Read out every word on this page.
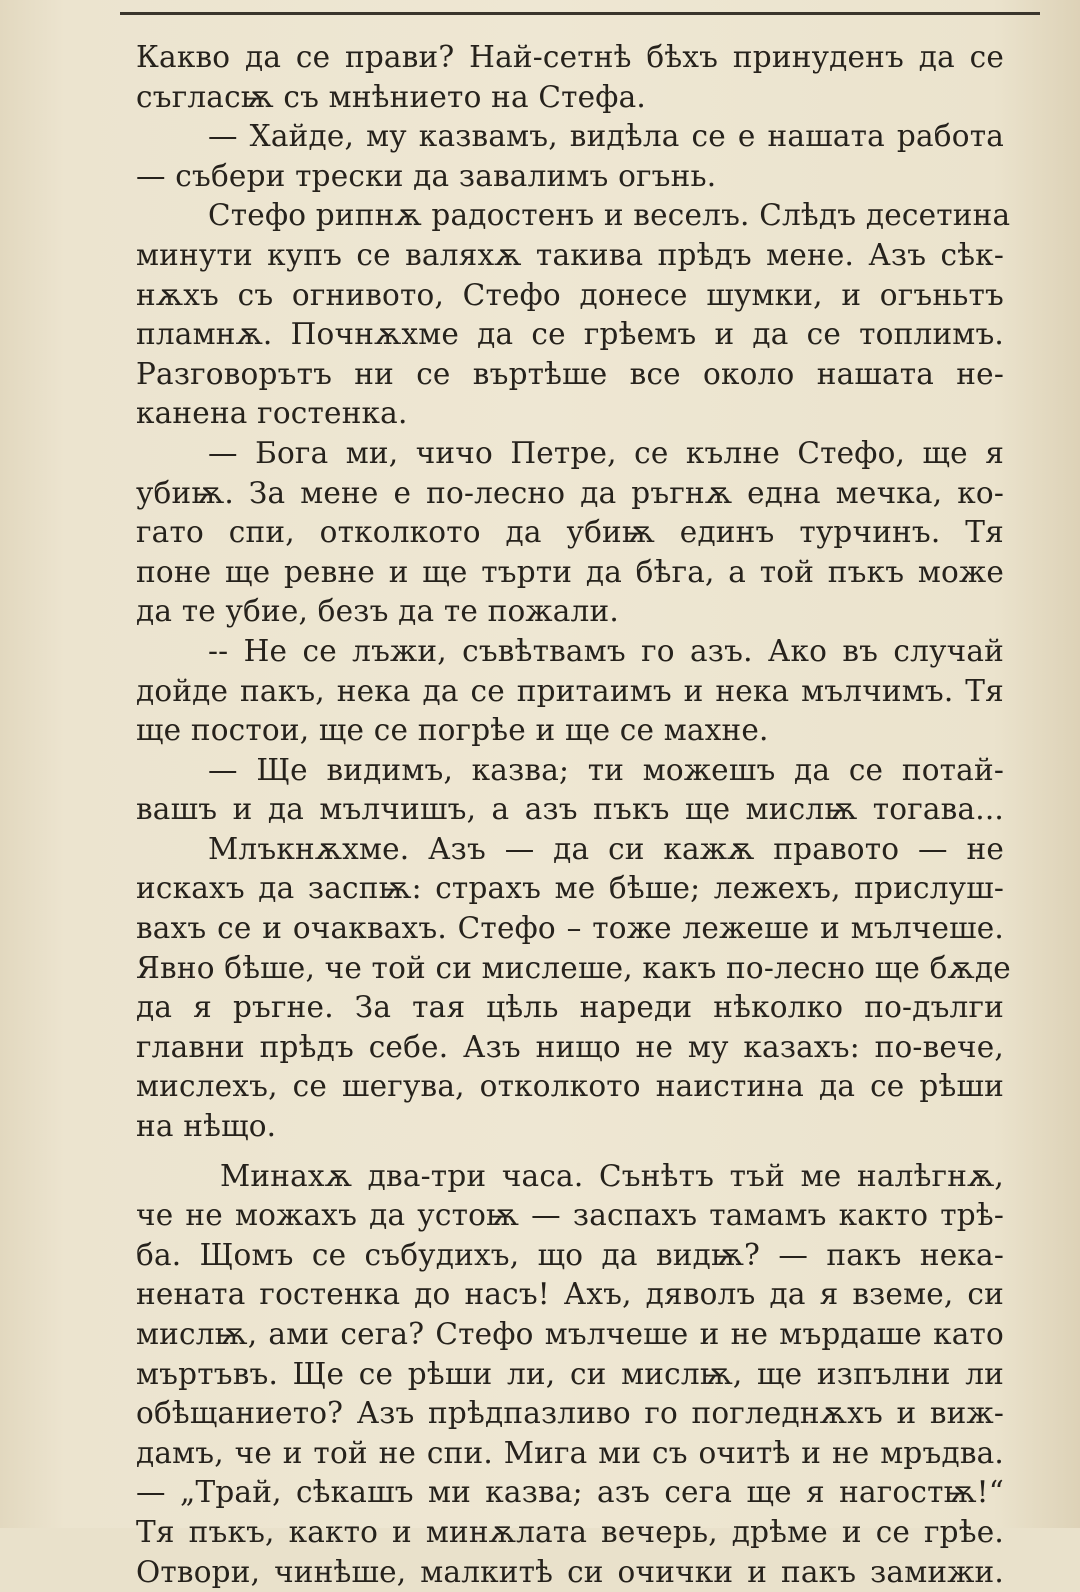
Какво да се прави? Най-сетнѣ бѣхъ принуденъ да се
съгласѭ съ мнѣнието на Стефа.
— Хайде, му казвамъ, видѣла се е нашата работа
— събери трески да завалимъ огънь.
Стефо рипнѫ радостенъ и веселъ. Слѣдъ десетина
минути купъ се валяхѫ такива прѣдъ мене. Азъ сѣк-
нѫхъ съ огнивото, Стефо донесе шумки, и огъньтъ
пламнѫ. Почнѫхме да се грѣемъ и да се топлимъ.
Разговорътъ ни се въртѣше все около нашата не-
канена гостенка.
— Бога ми, чичо Петре, се кълне Стефо, ще я
убиѭ. За мене е по-лесно да ръгнѫ една мечка, ко-
гато спи, отколкото да убиѭ единъ турчинъ. Тя
поне ще ревне и ще търти да бѣга, а той пъкъ може
да те убие, безъ да те пожали.
-- Не се лъжи, съвѣтвамъ го азъ. Ако въ случай
дойде пакъ, нека да се притаимъ и нека мълчимъ. Тя
ще постои, ще се погрѣе и ще се махне.
— Ще видимъ, казва; ти можешъ да се потай-
вашъ и да мълчишъ, а азъ пъкъ ще мислѭ тогава...
Млъкнѫхме. Азъ — да си кажѫ правото — не
искахъ да заспѭ: страхъ ме бѣше; лежехъ, прислуш-
вахъ се и очаквахъ. Стефо – тоже лежеше и мълчеше.
Явно бѣше, че той си мислеше, какъ по-лесно ще бѫде
да я ръгне. За тая цѣль нареди нѣколко по-дълги
главни прѣдъ себе. Азъ нищо не му казахъ: по-вече,
мислехъ, се шегува, отколкото наистина да се рѣши
на нѣщо.
Минахѫ два-три часа. Сънѣтъ тъй ме налѣгнѫ,
че не можахъ да устоѭ — заспахъ тамамъ както трѣ-
ба. Щомъ се събудихъ, що да видѭ? — пакъ нека-
нената гостенка до насъ! Ахъ, дяволъ да я вземе, си
мислѭ, ами сега? Стефо мълчеше и не мърдаше като
мъртъвъ. Ще се рѣши ли, си мислѭ, ще изпълни ли
обѣщанието? Азъ прѣдпазливо го погледнѫхъ и виж-
дамъ, че и той не спи. Мига ми съ очитѣ и не мръдва.
— „Трай, сѣкашъ ми казва; азъ сега ще я нагостѭ!“
Тя пъкъ, както и минѫлата вечерь, дрѣме и се грѣе.
Отвори, чинѣше, малкитѣ си очички и пакъ замижи.
